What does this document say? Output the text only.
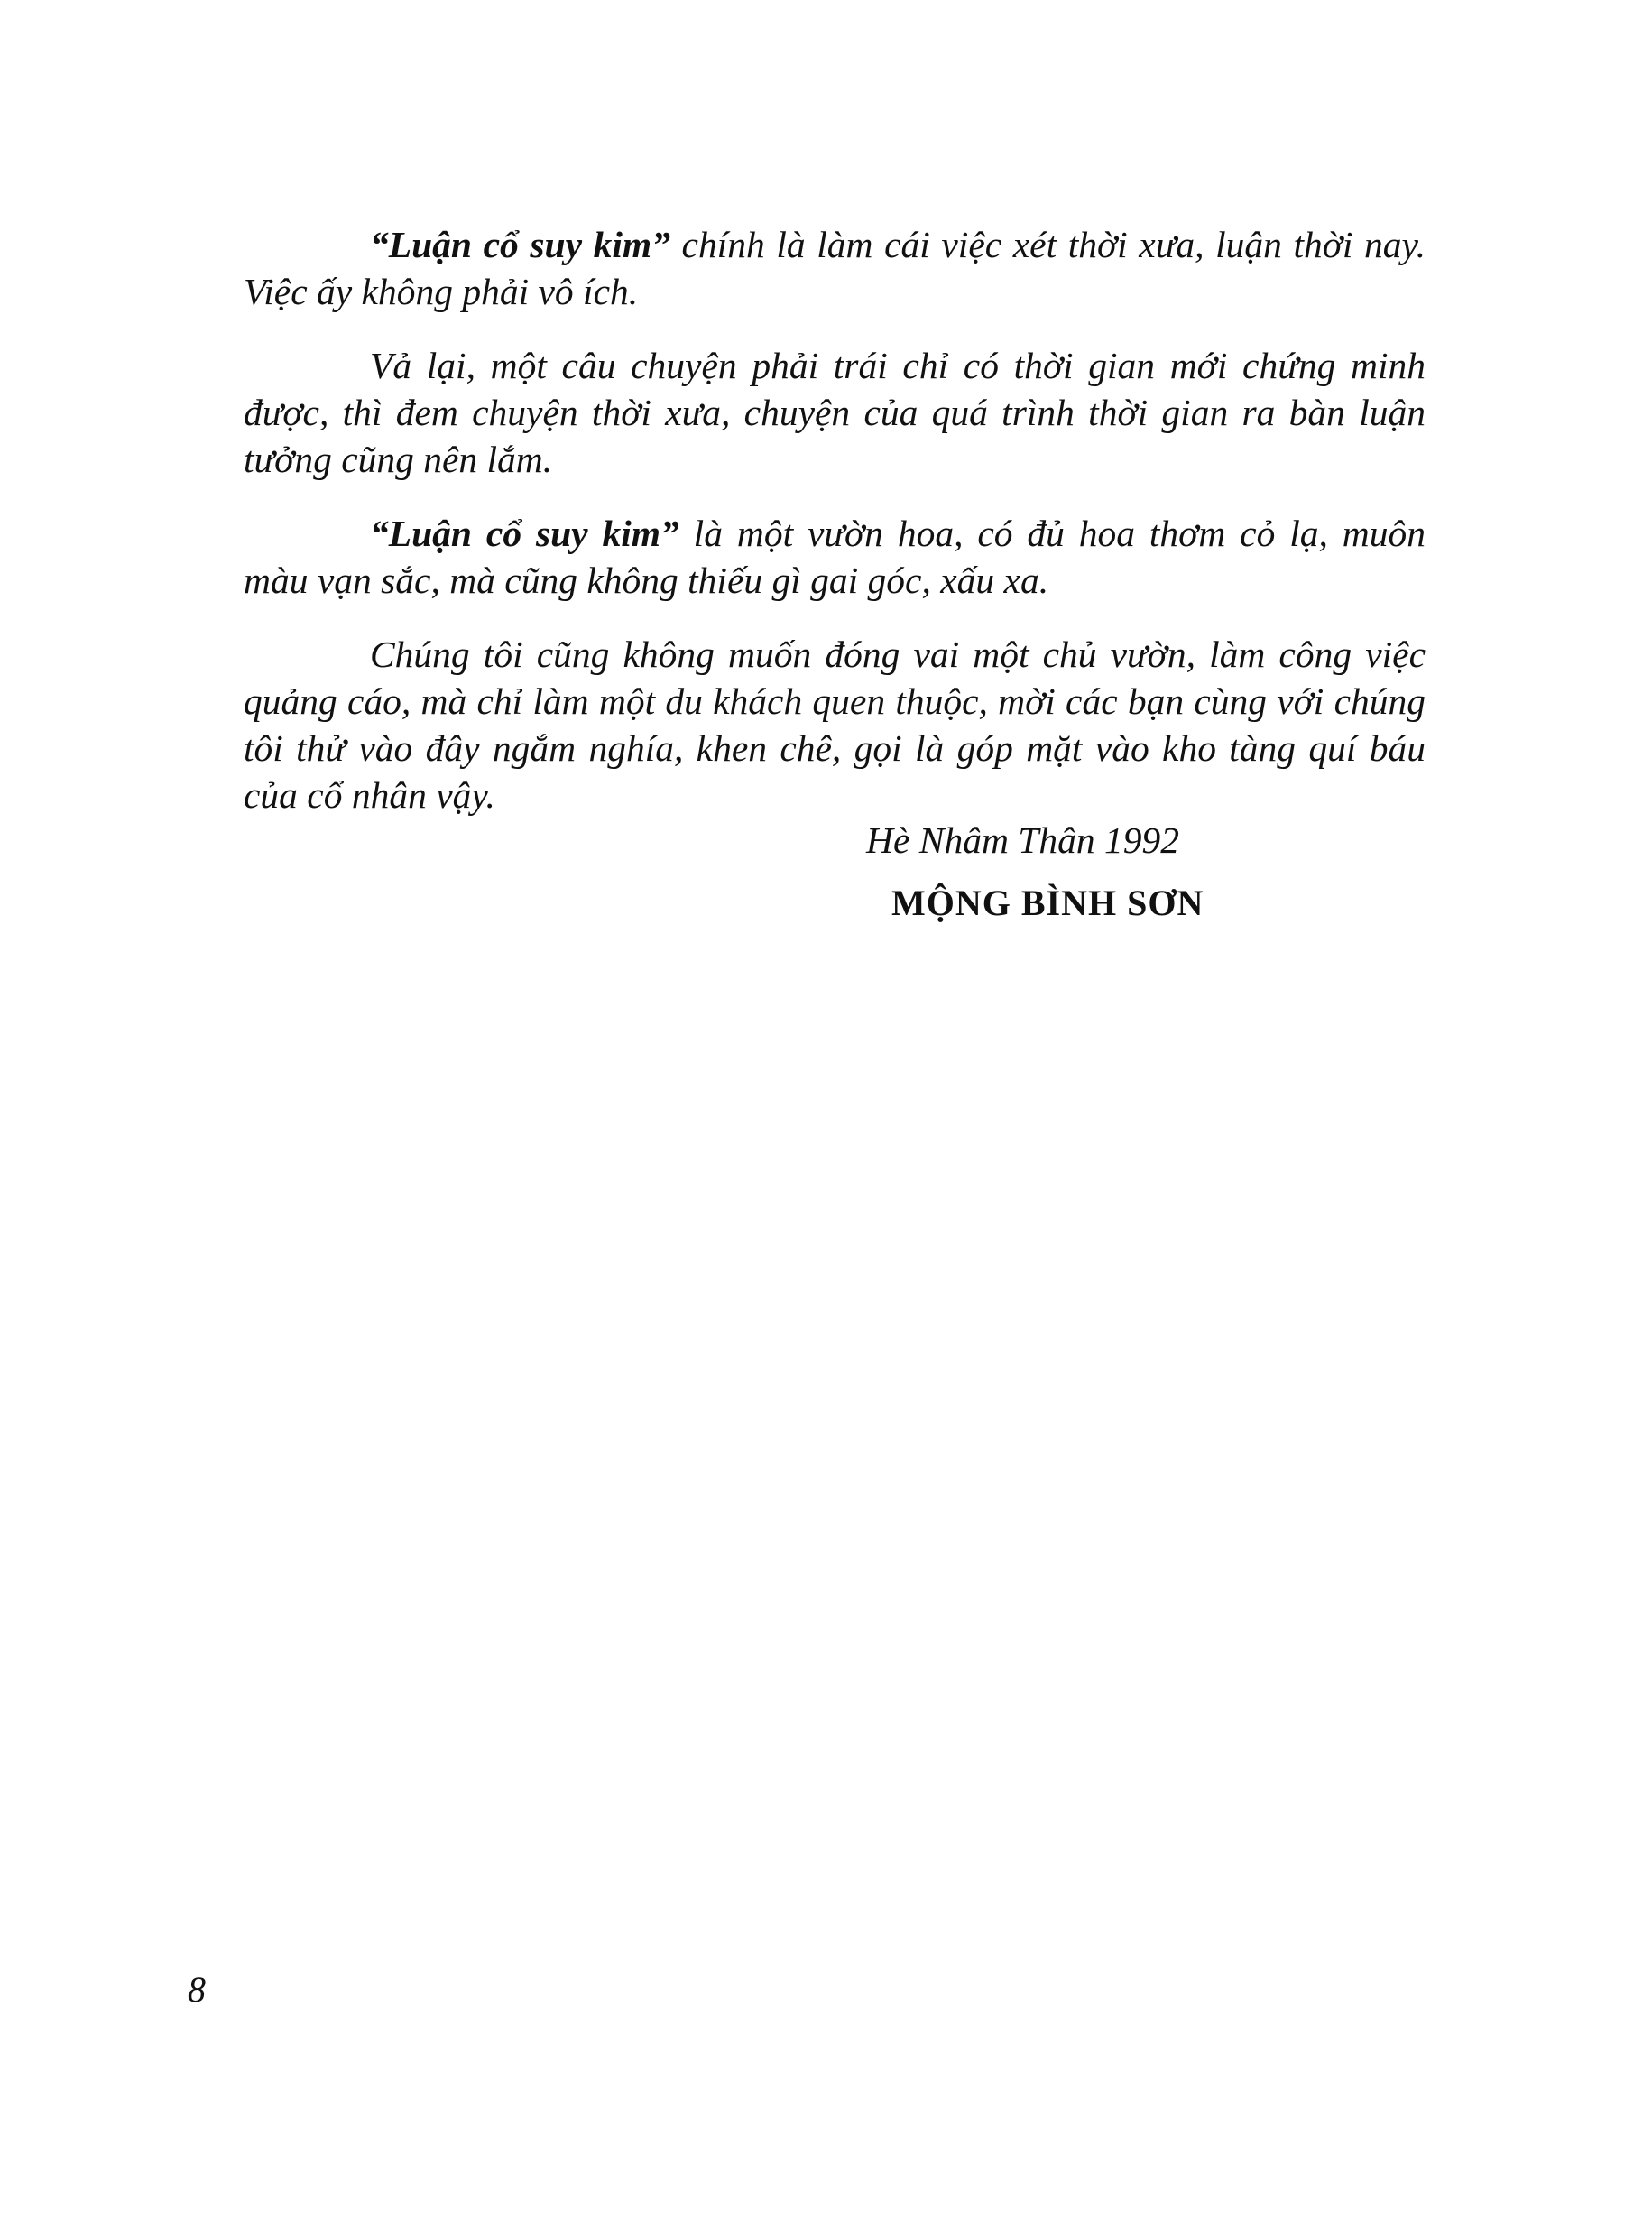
“Luận cổ suy kim” chính là làm cái việc xét thời xưa, luận thời nay. Việc ấy không phải vô ích.

Vả lại, một câu chuyện phải trái chỉ có thời gian mới chứng minh được, thì đem chuyện thời xưa, chuyện của quá trình thời gian ra bàn luận tưởng cũng nên lắm.

“Luận cổ suy kim” là một vườn hoa, có đủ hoa thơm cỏ lạ, muôn màu vạn sắc, mà cũng không thiếu gì gai góc, xấu xa.

Chúng tôi cũng không muốn đóng vai một chủ vườn, làm công việc quảng cáo, mà chỉ làm một du khách quen thuộc, mời các bạn cùng với chúng tôi thử vào đây ngắm nghía, khen chê, gọi là góp mặt vào kho tàng quí báu của cổ nhân vậy.

Hè Nhâm Thân 1992

MỘNG BÌNH SƠN

8
